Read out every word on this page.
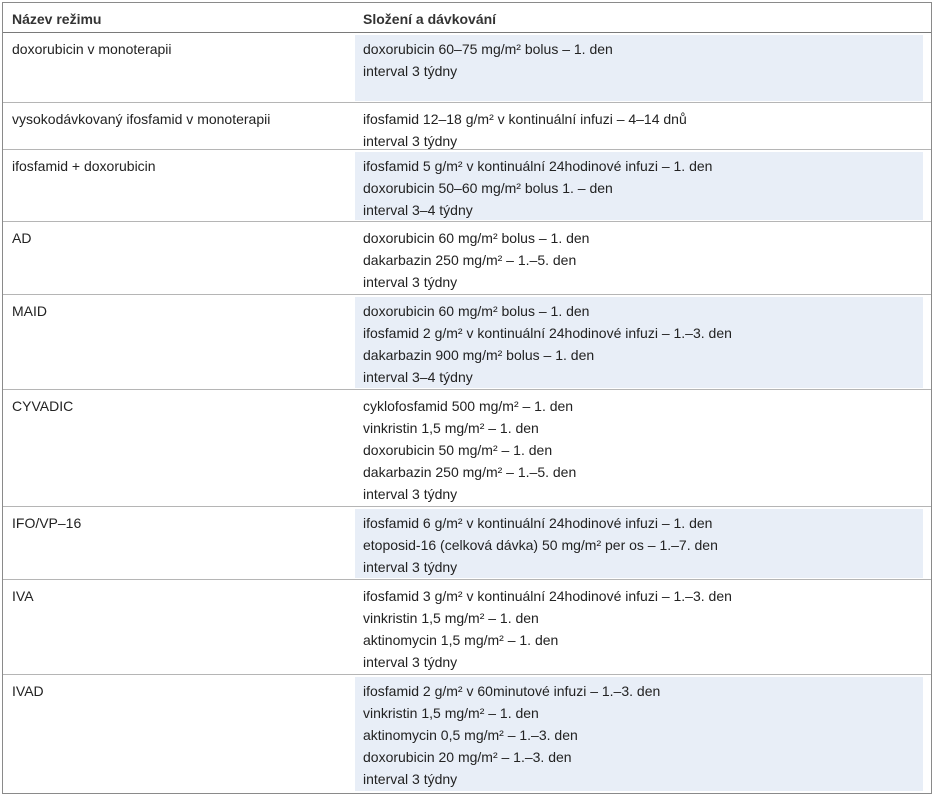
Název režimu	Složení a dávkování
doxorubicin v monoterapii	doxorubicin 60–75 mg/m² bolus – 1. den
interval 3 týdny
vysokodávkovaný ifosfamid v monoterapii	ifosfamid 12–18 g/m² v kontinuální infuzi – 4–14 dnů
interval 3 týdny
ifosfamid + doxorubicin	ifosfamid 5 g/m² v kontinuální 24hodinové infuzi – 1. den
doxorubicin 50–60 mg/m² bolus 1. – den
interval 3–4 týdny
AD	doxorubicin 60 mg/m² bolus – 1. den
dakarbazin 250 mg/m² – 1.–5. den
interval 3 týdny
MAID	doxorubicin 60 mg/m² bolus – 1. den
ifosfamid 2 g/m² v kontinuální 24hodinové infuzi – 1.–3. den
dakarbazin 900 mg/m² bolus – 1. den
interval 3–4 týdny
CYVADIC	cyklofosfamid 500 mg/m² – 1. den
vinkristin 1,5 mg/m² – 1. den
doxorubicin 50 mg/m² – 1. den
dakarbazin 250 mg/m² – 1.–5. den
interval 3 týdny
IFO/VP–16	ifosfamid 6 g/m² v kontinuální 24hodinové infuzi – 1. den
etoposid-16 (celková dávka) 50 mg/m² per os – 1.–7. den
interval 3 týdny
IVA	ifosfamid 3 g/m² v kontinuální 24hodinové infuzi – 1.–3. den
vinkristin 1,5 mg/m² – 1. den
aktinomycin 1,5 mg/m² – 1. den
interval 3 týdny
IVAD	ifosfamid 2 g/m² v 60minutové infuzi – 1.–3. den
vinkristin 1,5 mg/m² – 1. den
aktinomycin 0,5 mg/m² – 1.–3. den
doxorubicin 20 mg/m² – 1.–3. den
interval 3 týdny
